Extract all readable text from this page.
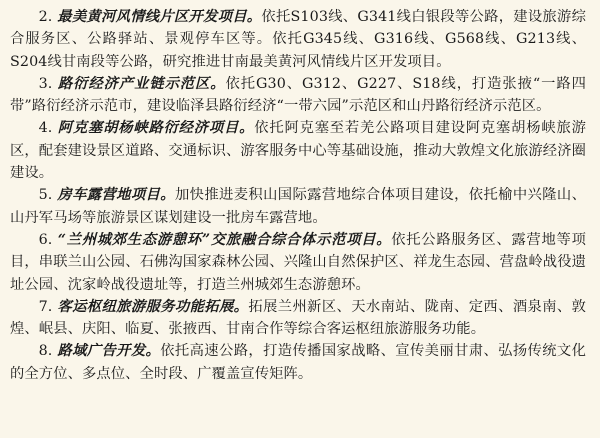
2. 最美黄河风情线片区开发项目。依托S103线、G341线白银段等公路，建设旅游综合服务区、公路驿站、景观停车区等。依托G345线、G316线、G568线、G213线、S204线甘南段等公路，研究推进甘南最美黄河风情线片区开发项目。

3. 路衍经济产业链示范区。依托G30、G312、G227、S18线，打造张掖“一路四带”路衍经济示范市，建设临泽县路衍经济“一带六园”示范区和山丹路衍经济示范区。

4. 阿克塞胡杨峡路衍经济项目。依托阿克塞至若羌公路项目建设阿克塞胡杨峡旅游区，配套建设景区道路、交通标识、游客服务中心等基础设施，推动大敦煌文化旅游经济圈建设。

5. 房车露营地项目。加快推进麦积山国际露营地综合体项目建设，依托榆中兴隆山、山丹军马场等旅游景区谋划建设一批房车露营地。

6. “兰州城郊生态游憩环”交旅融合综合体示范项目。依托公路服务区、露营地等项目，串联兰山公园、石佛沟国家森林公园、兴隆山自然保护区、祥龙生态园、营盘岭战役遗址公园、沈家岭战役遗址等，打造兰州城郊生态游憩环。

7. 客运枢纽旅游服务功能拓展。拓展兰州新区、天水南站、陇南、定西、酒泉南、敦煌、岷县、庆阳、临夏、张掖西、甘南合作等综合客运枢纽旅游服务功能。

8. 路域广告开发。依托高速公路，打造传播国家战略、宣传美丽甘肃、弘扬传统文化的全方位、多点位、全时段、广覆盖宣传矩阵。
